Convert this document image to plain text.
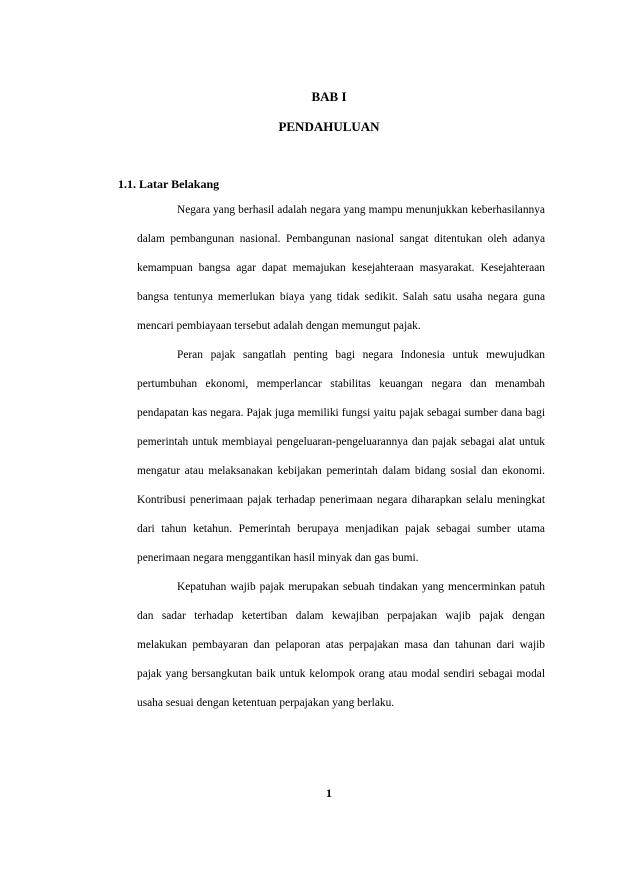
BAB I
PENDAHULUAN
1.1. Latar Belakang

Negara yang berhasil adalah negara yang mampu menunjukkan keberhasilannya dalam pembangunan nasional. Pembangunan nasional sangat ditentukan oleh adanya kemampuan bangsa agar dapat memajukan kesejahteraan masyarakat. Kesejahteraan bangsa tentunya memerlukan biaya yang tidak sedikit. Salah satu usaha negara guna mencari pembiayaan tersebut adalah dengan memungut pajak.

Peran pajak sangatlah penting bagi negara Indonesia untuk mewujudkan pertumbuhan ekonomi, memperlancar stabilitas keuangan negara dan menambah pendapatan kas negara. Pajak juga memiliki fungsi yaitu pajak sebagai sumber dana bagi pemerintah untuk membiayai pengeluaran-pengeluarannya dan pajak sebagai alat untuk mengatur atau melaksanakan kebijakan pemerintah dalam bidang sosial dan ekonomi. Kontribusi penerimaan pajak terhadap penerimaan negara diharapkan selalu meningkat dari tahun ketahun. Pemerintah berupaya menjadikan pajak sebagai sumber utama penerimaan negara menggantikan hasil minyak dan gas bumi.

Kepatuhan wajib pajak merupakan sebuah tindakan yang mencerminkan patuh dan sadar terhadap ketertiban dalam kewajiban perpajakan wajib pajak dengan melakukan pembayaran dan pelaporan atas perpajakan masa dan tahunan dari wajib pajak yang bersangkutan baik untuk kelompok orang atau modal sendiri sebagai modal usaha sesuai dengan ketentuan perpajakan yang berlaku.

1
